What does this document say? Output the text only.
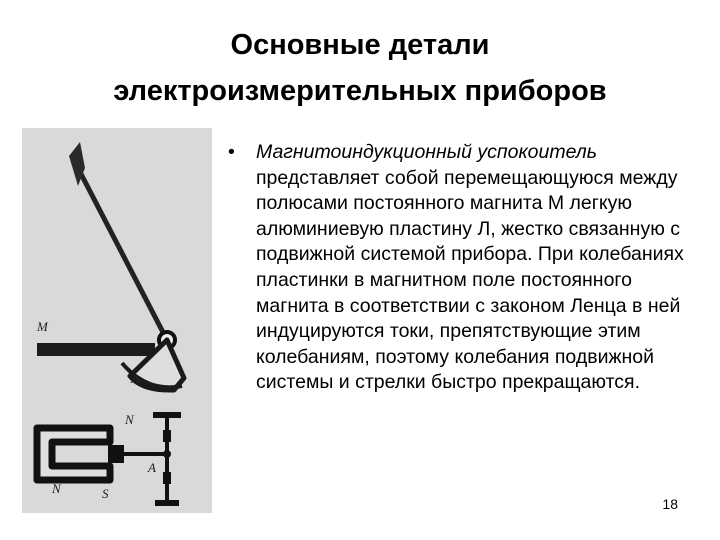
Основные детали
электроизмерительных приборов
M
A
N
A
N	S
• Магнитоиндукционный успокоитель представляет собой перемещающуюся между полюсами постоянного магнита М легкую алюминиевую пластину Л, жестко связанную с подвижной системой прибора. При колебаниях пластинки в магнитном поле постоянного магнита в соответствии с законом Ленца в ней индуцируются токи, препятствующие этим колебаниям, поэтому колебания подвижной системы и стрелки быстро прекращаются.
18
